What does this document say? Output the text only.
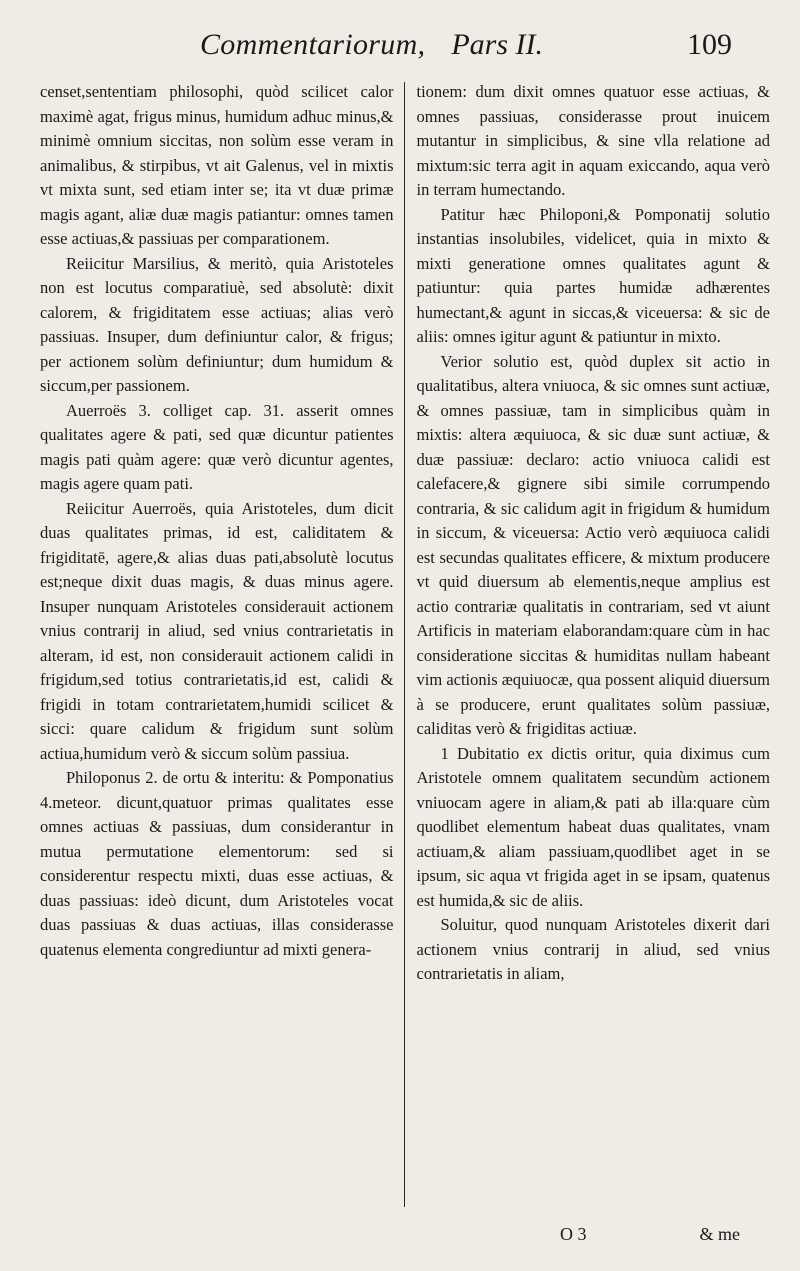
Commentariorum, Pars II.	109

censet,sententiam philosophi, quòd scilicet calor maximè agat, frigus minus, humidum adhuc minus,& minimè omnium siccitas, non solùm esse veram in animalibus, & stirpibus, vt ait Galenus, vel in mixtis vt mixta sunt, sed etiam inter se; ita vt duæ primæ magis agant, aliæ duæ magis patiantur: omnes tamen esse actiuas,& passiuas per comparationem.

Reiicitur Marsilius, & meritò, quia Aristoteles non est locutus comparatiuè, sed absolutè: dixit calorem, & frigiditatem esse actiuas; alias verò passiuas. Insuper, dum definiuntur calor, & frigus; per actionem solùm definiuntur; dum humidum & siccum,per passionem.

Auerroës 3. colliget cap. 31. asserit omnes qualitates agere & pati, sed quæ dicuntur patientes magis pati quàm agere: quæ verò dicuntur agentes, magis agere quam pati.

Reiicitur Auerroës, quia Aristoteles, dum dicit duas qualitates primas, id est, caliditatem & frigiditatē, agere,& alias duas pati,absolutè locutus est;neque dixit duas magis, & duas minus agere. Insuper nunquam Aristoteles considerauit actionem vnius contrarij in aliud, sed vnius contrarietatis in alteram, id est, non considerauit actionem calidi in frigidum,sed totius contrarietatis,id est, calidi & frigidi in totam contrarietatem,humidi scilicet & sicci: quare calidum & frigidum sunt solùm actiua,humidum verò & siccum solùm passiua.

Philoponus 2. de ortu & interitu: & Pomponatius 4.meteor. dicunt,quatuor primas qualitates esse omnes actiuas & passiuas, dum considerantur in mutua permutatione elementorum: sed si considerentur respectu mixti, duas esse actiuas, & duas passiuas: ideò dicunt, dum Aristoteles vocat duas passiuas & duas actiuas, illas considerasse quatenus elementa congrediuntur ad mixti genera-

tionem: dum dixit omnes quatuor esse actiuas, & omnes passiuas, considerasse prout inuicem mutantur in simplicibus, & sine vlla relatione ad mixtum:sic terra agit in aquam exiccando, aqua verò in terram humectando.

Patitur hæc Philoponi,& Pomponatij solutio instantias insolubiles, videlicet, quia in mixto & mixti generatione omnes qualitates agunt & patiuntur: quia partes humidæ adhærentes humectant,& agunt in siccas,& viceuersa: & sic de aliis: omnes igitur agunt & patiuntur in mixto.

Verior solutio est, quòd duplex sit actio in qualitatibus, altera vniuoca, & sic omnes sunt actiuæ, & omnes passiuæ, tam in simplicibus quàm in mixtis: altera æquiuoca, & sic duæ sunt actiuæ, & duæ passiuæ: declaro: actio vniuoca calidi est calefacere,& gignere sibi simile corrumpendo contraria, & sic calidum agit in frigidum & humidum in siccum, & viceuersa: Actio verò æquiuoca calidi est secundas qualitates efficere, & mixtum producere vt quid diuersum ab elementis,neque amplius est actio contrariæ qualitatis in contrariam, sed vt aiunt Artificis in materiam elaborandam:quare cùm in hac consideratione siccitas & humiditas nullam habeant vim actionis æquiuocæ, qua possent aliquid diuersum à se producere, erunt qualitates solùm passiuæ, caliditas verò & frigiditas actiuæ.

1 Dubitatio ex dictis oritur, quia diximus cum Aristotele omnem qualitatem secundùm actionem vniuocam agere in aliam,& pati ab illa:quare cùm quodlibet elementum habeat duas qualitates, vnam actiuam,& aliam passiuam,quodlibet aget in se ipsum, sic aqua vt frigida aget in se ipsam, quatenus est humida,& sic de aliis.

Soluitur, quod nunquam Aristoteles dixerit dari actionem vnius contrarij in aliud, sed vnius contrarietatis in aliam,

O 3	& me
